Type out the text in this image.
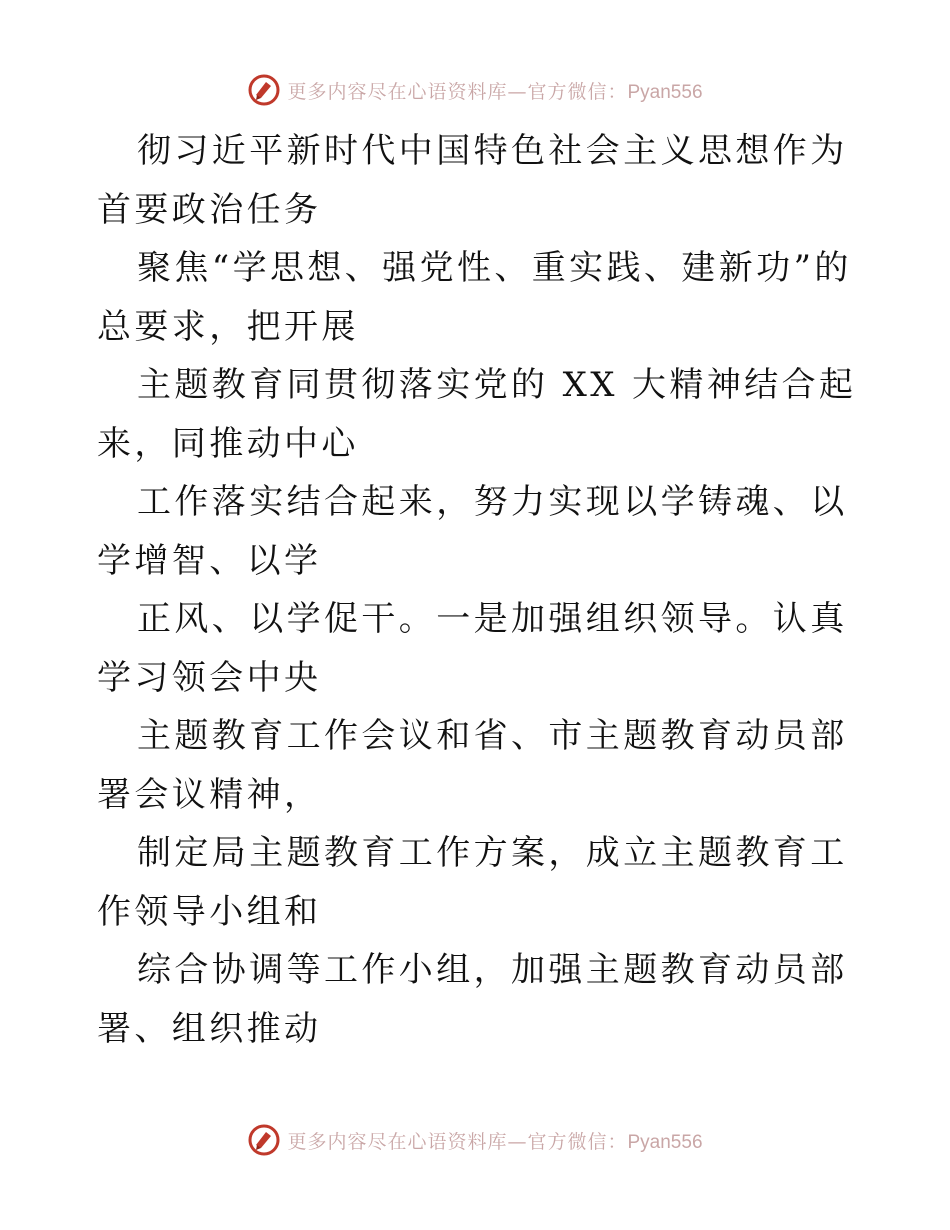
更多内容尽在心语资料库—官方微信：Pyan556

彻习近平新时代中国特色社会主义思想作为首要政治任务

聚焦“学思想、强党性、重实践、建新功”的总要求，把开展

主题教育同贯彻落实党的 XX 大精神结合起来，同推动中心

工作落实结合起来，努力实现以学铸魂、以学增智、以学

正风、以学促干。一是加强组织领导。认真学习领会中央

主题教育工作会议和省、市主题教育动员部署会议精神，

制定局主题教育工作方案，成立主题教育工作领导小组和

综合协调等工作小组，加强主题教育动员部署、组织推动

更多内容尽在心语资料库—官方微信：Pyan556
